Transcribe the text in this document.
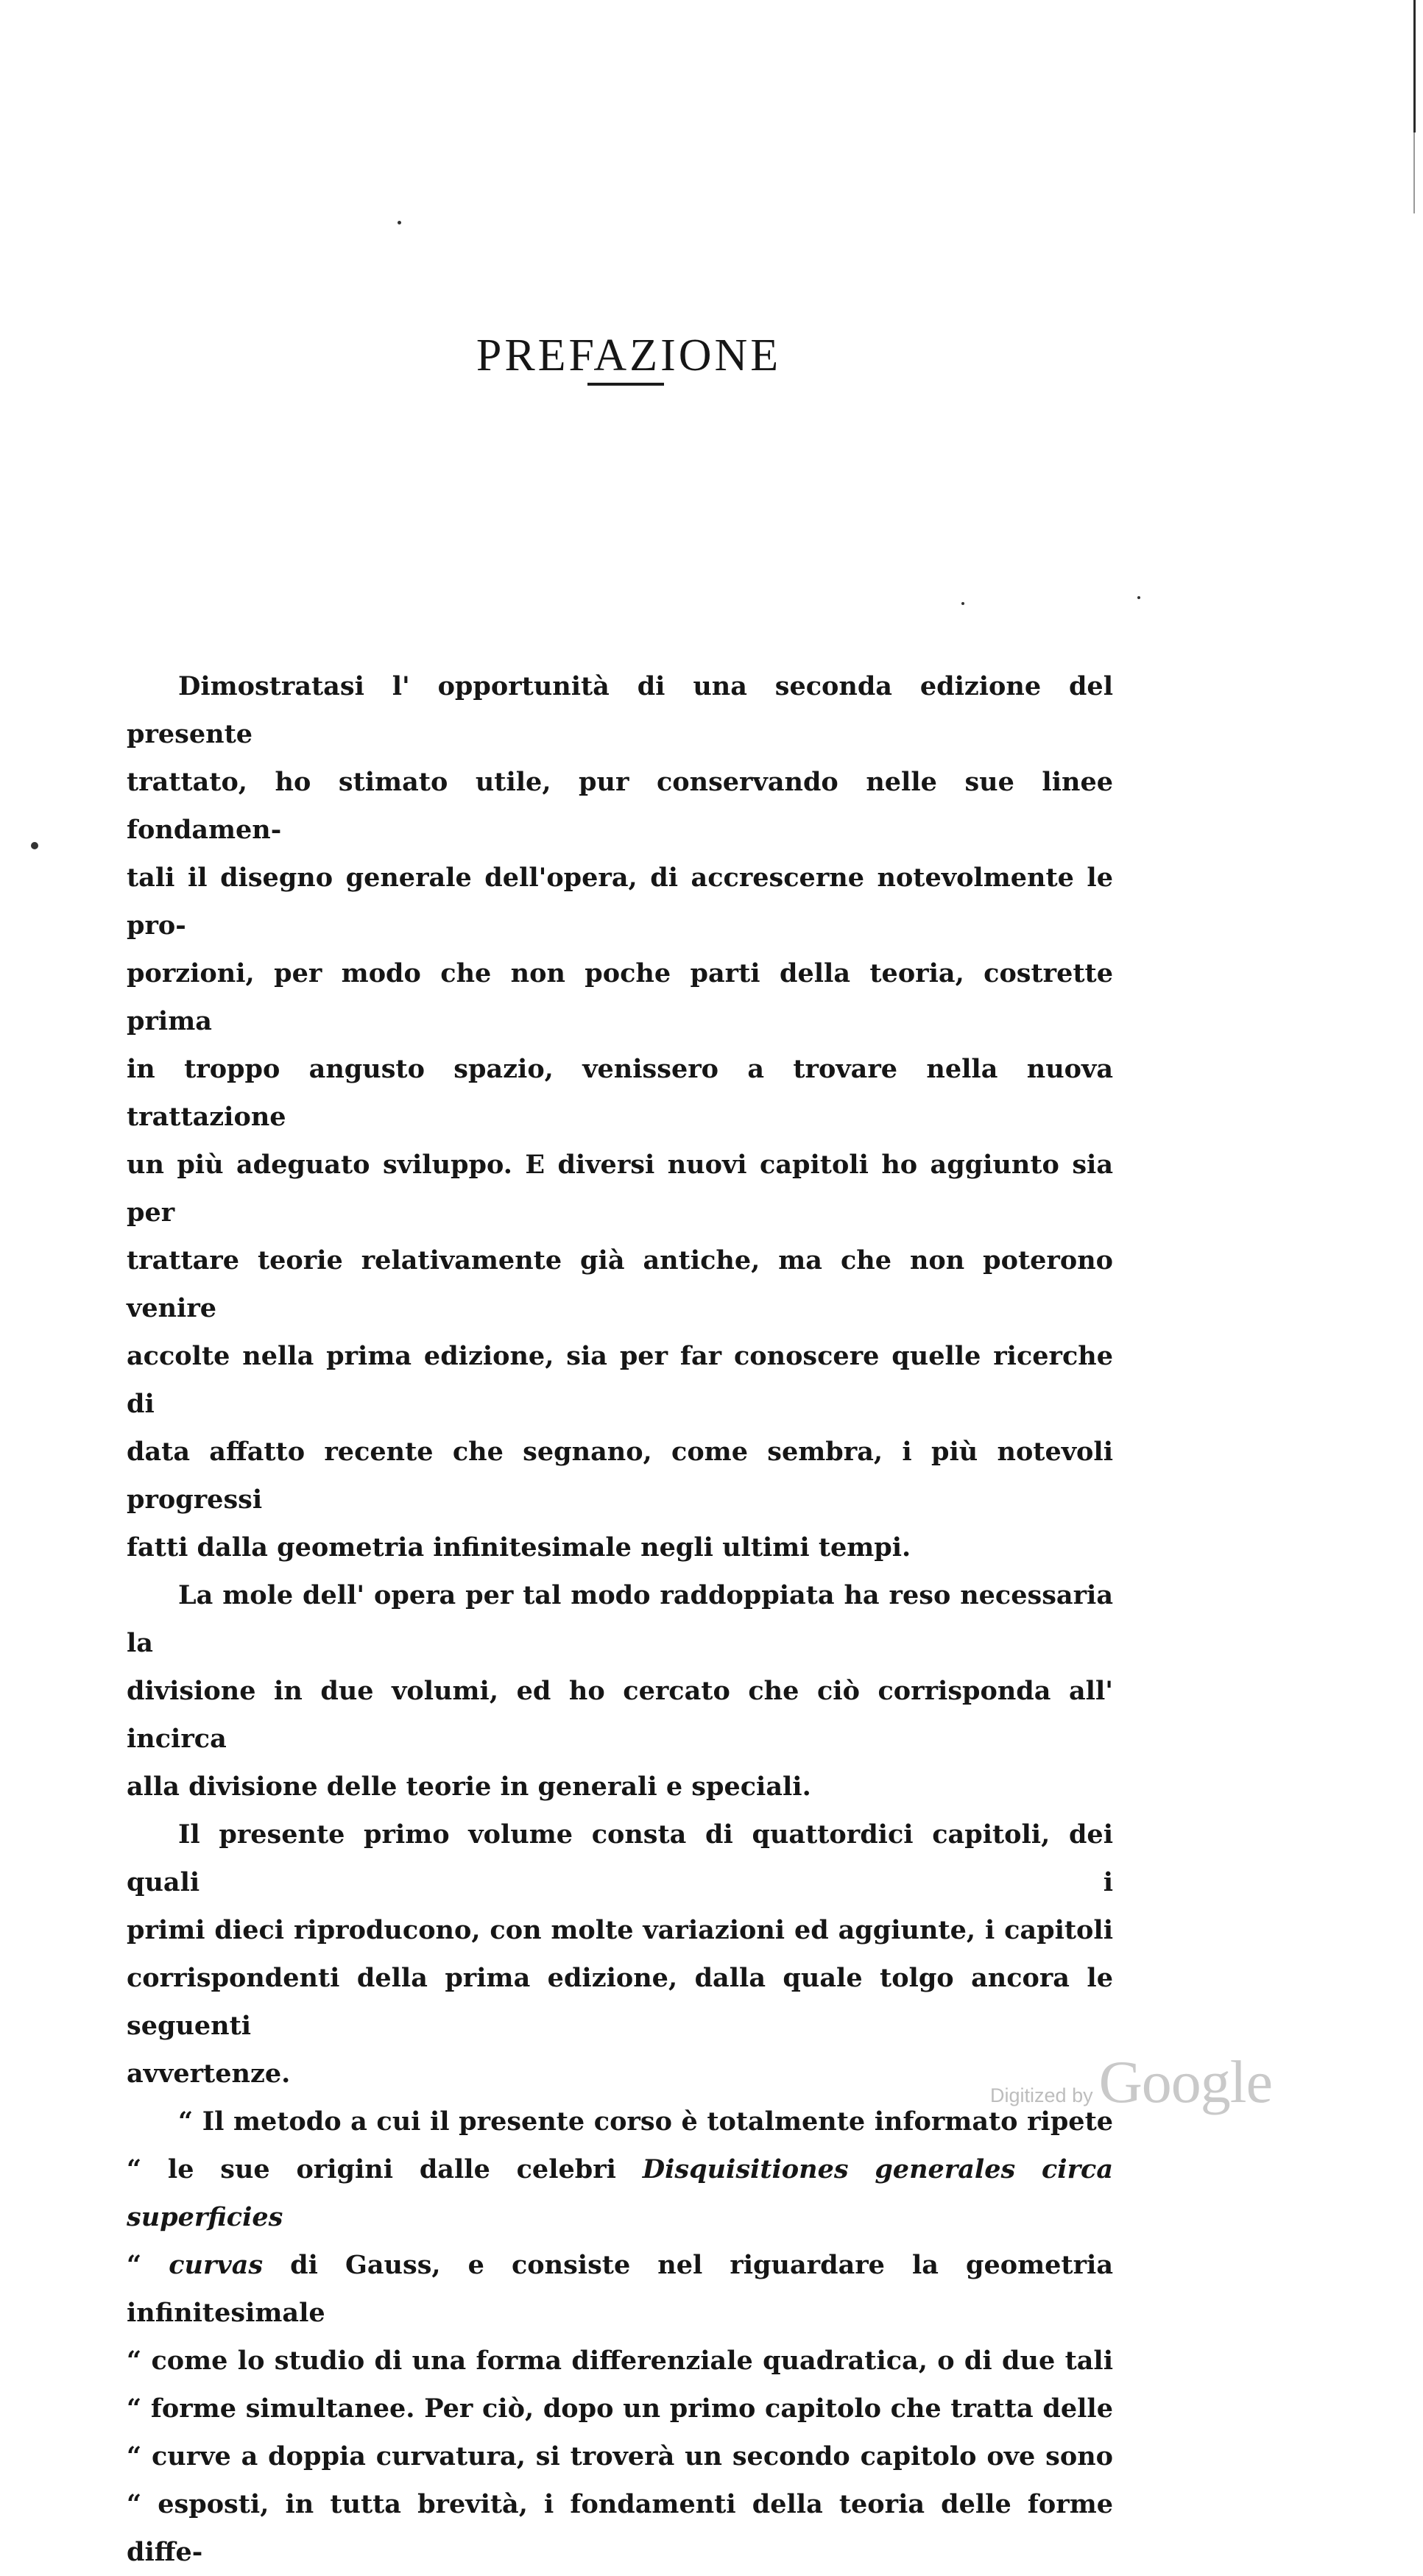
PREFAZIONE
Dimostratasi l' opportunità di una seconda edizione del presente
trattato, ho stimato utile, pur conservando nelle sue linee fondamen-
tali il disegno generale dell'opera, di accrescerne notevolmente le pro-
porzioni, per modo che non poche parti della teoria, costrette prima
in troppo angusto spazio, venissero a trovare nella nuova trattazione
un più adeguato sviluppo. E diversi nuovi capitoli ho aggiunto sia per
trattare teorie relativamente già antiche, ma che non poterono venire
accolte nella prima edizione, sia per far conoscere quelle ricerche di
data affatto recente che segnano, come sembra, i più notevoli progressi
fatti dalla geometria infinitesimale negli ultimi tempi.
La mole dell' opera per tal modo raddoppiata ha reso necessaria la
divisione in due volumi, ed ho cercato che ciò corrisponda all' incirca
alla divisione delle teorie in generali e speciali.
Il presente primo volume consta di quattordici capitoli, dei quali i
primi dieci riproducono, con molte variazioni ed aggiunte, i capitoli
corrispondenti della prima edizione, dalla quale tolgo ancora le seguenti
avvertenze.
“ Il metodo a cui il presente corso è totalmente informato ripete
“ le sue origini dalle celebri Disquisitiones generales circa superficies
“ curvas di Gauss, e consiste nel riguardare la geometria infinitesimale
“ come lo studio di una forma differenziale quadratica, o di due tali
“ forme simultanee. Per ciò, dopo un primo capitolo che tratta delle
“ curve a doppia curvatura, si troverà un secondo capitolo ove sono
“ esposti, in tutta brevità, i fondamenti della teoria delle forme diffe-
Digitized by Google
